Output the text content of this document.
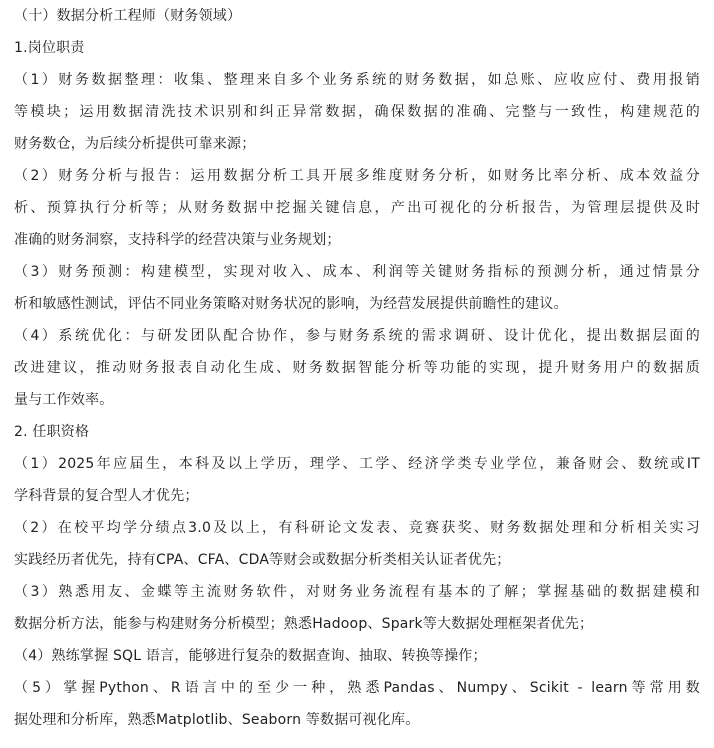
（十）数据分析工程师（财务领域）
1.岗位职责
（1）财务数据整理：收集、整理来自多个业务系统的财务数据，如总账、应收应付、费用报销
等模块；运用数据清洗技术识别和纠正异常数据，确保数据的准确、完整与一致性，构建规范的
财务数仓，为后续分析提供可靠来源；
（2）财务分析与报告：运用数据分析工具开展多维度财务分析，如财务比率分析、成本效益分
析、预算执行分析等；从财务数据中挖掘关键信息，产出可视化的分析报告，为管理层提供及时
准确的财务洞察，支持科学的经营决策与业务规划；
（3）财务预测：构建模型，实现对收入、成本、利润等关键财务指标的预测分析，通过情景分
析和敏感性测试，评估不同业务策略对财务状况的影响，为经营发展提供前瞻性的建议。
（4）系统优化：与研发团队配合协作，参与财务系统的需求调研、设计优化，提出数据层面的
改进建议，推动财务报表自动化生成、财务数据智能分析等功能的实现，提升财务用户的数据质
量与工作效率。
2. 任职资格
（1）2025年应届生，本科及以上学历，理学、工学、经济学类专业学位，兼备财会、数统或IT
学科背景的复合型人才优先；
（2）在校平均学分绩点3.0及以上，有科研论文发表、竞赛获奖、财务数据处理和分析相关实习
实践经历者优先，持有CPA、CFA、CDA等财会或数据分析类相关认证者优先；
（3）熟悉用友、金蝶等主流财务软件，对财务业务流程有基本的了解；掌握基础的数据建模和
数据分析方法，能参与构建财务分析模型；熟悉Hadoop、Spark等大数据处理框架者优先；
（4）熟练掌握 SQL 语言，能够进行复杂的数据查询、抽取、转换等操作；
（5）掌握Python、R语言中的至少一种，熟悉Pandas、Numpy、Scikit - learn等常用数
据处理和分析库，熟悉Matplotlib、Seaborn 等数据可视化库。
